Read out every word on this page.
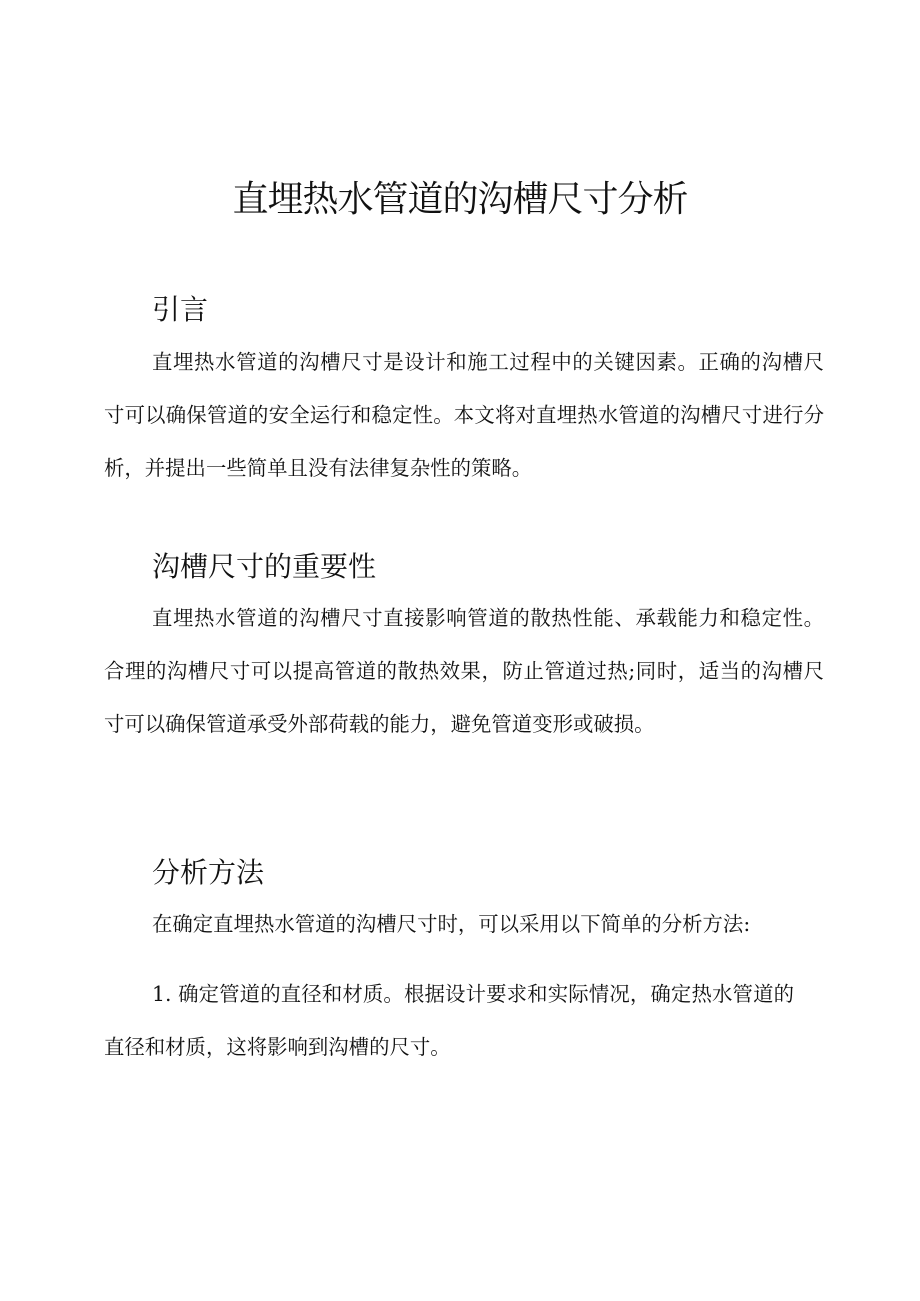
直埋热水管道的沟槽尺寸分析
引言

直埋热水管道的沟槽尺寸是设计和施工过程中的关键因素。正确的沟槽尺寸可以确保管道的安全运行和稳定性。本文将对直埋热水管道的沟槽尺寸进行分析，并提出一些简单且没有法律复杂性的策略。

沟槽尺寸的重要性

直埋热水管道的沟槽尺寸直接影响管道的散热性能、承载能力和稳定性。合理的沟槽尺寸可以提高管道的散热效果，防止管道过热;同时，适当的沟槽尺寸可以确保管道承受外部荷载的能力，避免管道变形或破损。

分析方法

在确定直埋热水管道的沟槽尺寸时，可以采用以下简单的分析方法:

1. 确定管道的直径和材质。根据设计要求和实际情况，确定热水管道的直径和材质，这将影响到沟槽的尺寸。
